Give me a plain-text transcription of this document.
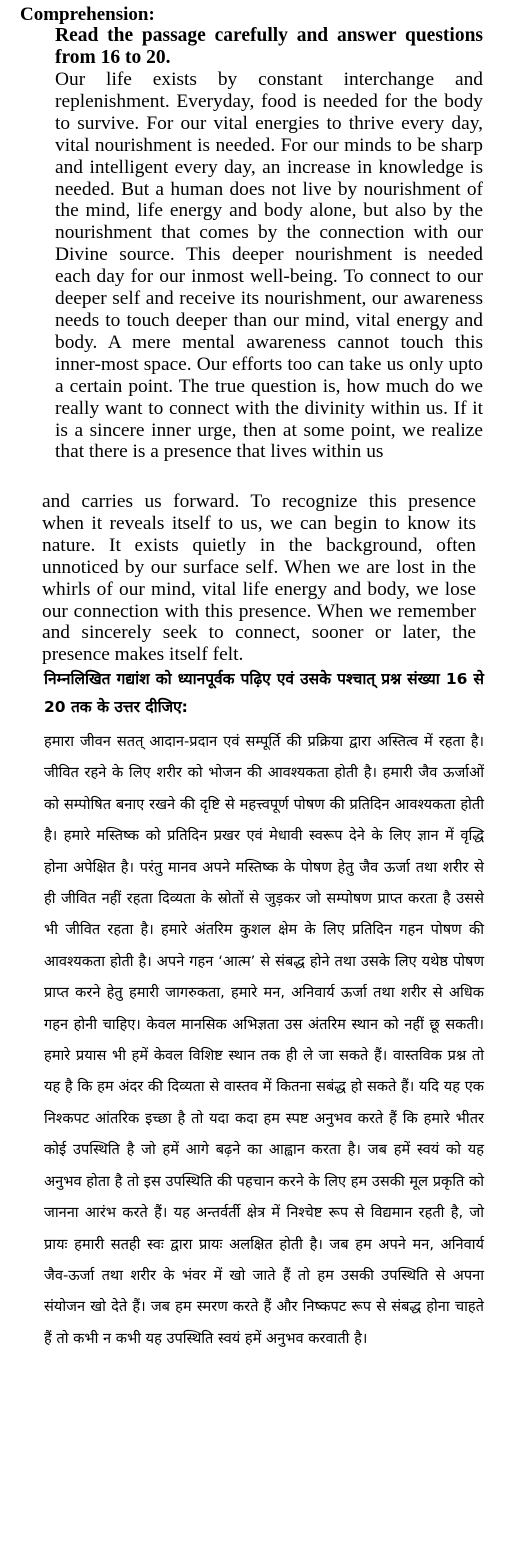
Comprehension:
Read the passage carefully and answer questions from 16 to 20.
Our life exists by constant interchange and replenishment. Everyday, food is needed for the body to survive. For our vital energies to thrive every day, vital nourishment is needed. For our minds to be sharp and intelligent every day, an increase in knowledge is needed. But a human does not live by nourishment of the mind, life energy and body alone, but also by the nourishment that comes by the connection with our Divine source. This deeper nourishment is needed each day for our inmost well-being. To connect to our deeper self and receive its nourishment, our awareness needs to touch deeper than our mind, vital energy and body. A mere mental awareness cannot touch this inner-most space. Our efforts too can take us only upto a certain point. The true question is, how much do we really want to connect with the divinity within us. If it is a sincere inner urge, then at some point, we realize that there is a presence that lives within us
and carries us forward. To recognize this presence when it reveals itself to us, we can begin to know its nature. It exists quietly in the background, often unnoticed by our surface self. When we are lost in the whirls of our mind, vital life energy and body, we lose our connection with this presence. When we remember and sincerely seek to connect, sooner or later, the presence makes itself felt.
निम्नलिखित गद्यांश को ध्यानपूर्वक पढ़िए एवं उसके पश्चात् प्रश्न संख्या 16 से 20 तक के उत्तर दीजिए:
हमारा जीवन सतत् आदान-प्रदान एवं सम्पूर्ति की प्रक्रिया द्वारा अस्तित्व में रहता है। जीवित रहने के लिए शरीर को भोजन की आवश्यकता होती है। हमारी जैव ऊर्जाओं को सम्पोषित बनाए रखने की दृष्टि से महत्त्वपूर्ण पोषण की प्रतिदिन आवश्यकता होती है। हमारे मस्तिष्क को प्रतिदिन प्रखर एवं मेधावी स्वरूप देने के लिए ज्ञान में वृद्धि होना अपेक्षित है। परंतु मानव अपने मस्तिष्क के पोषण हेतु जैव ऊर्जा तथा शरीर से ही जीवित नहीं रहता दिव्यता के स्रोतों से जुड़कर जो सम्पोषण प्राप्त करता है उससे भी जीवित रहता है। हमारे अंतरिम कुशल क्षेम के लिए प्रतिदिन गहन पोषण की आवश्यकता होती है। अपने गहन ‘आत्म’ से संबद्ध होने तथा उसके लिए यथेष्ठ पोषण प्राप्त करने हेतु हमारी जागरुकता, हमारे मन, अनिवार्य ऊर्जा तथा शरीर से अधिक गहन होनी चाहिए। केवल मानसिक अभिज्ञता उस अंतरिम स्थान को नहीं छू सकती। हमारे प्रयास भी हमें केवल विशिष्ट स्थान तक ही ले जा सकते हैं। वास्तविक प्रश्न तो यह है कि हम अंदर की दिव्यता से वास्तव में कितना सबंद्ध हो सकते हैं। यदि यह एक निश्कपट आंतरिक इच्छा है तो यदा कदा हम स्पष्ट अनुभव करते हैं कि हमारे भीतर कोई उपस्थिति है जो हमें आगे बढ़ने का आह्वान करता है। जब हमें स्वयं को यह अनुभव होता है तो इस उपस्थिति की पहचान करने के लिए हम उसकी मूल प्रकृति को जानना आरंभ करते हैं। यह अन्तर्वर्ती क्षेत्र में निश्चेष्ट रूप से विद्यमान रहती है, जो प्रायः हमारी सतही स्वः द्वारा प्रायः अलक्षित होती है। जब हम अपने मन, अनिवार्य जैव-ऊर्जा तथा शरीर के भंवर में खो जाते हैं तो हम उसकी उपस्थिति से अपना संयोजन खो देते हैं। जब हम स्मरण करते हैं और निष्कपट रूप से संबद्ध होना चाहते हैं तो कभी न कभी यह उपस्थिति स्वयं हमें अनुभव करवाती है।
